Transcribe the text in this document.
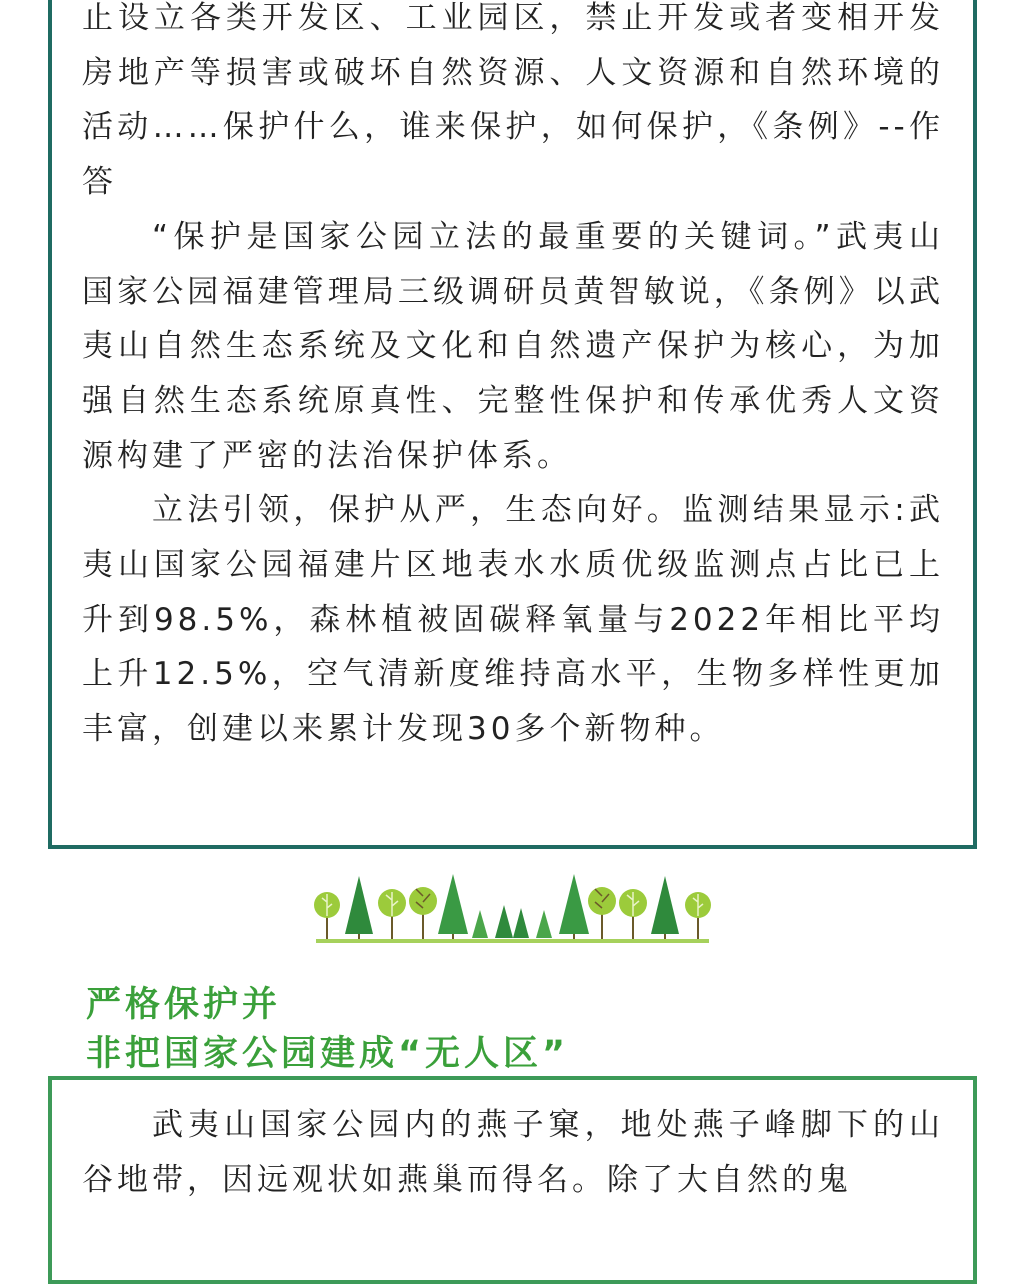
止设立各类开发区、工业园区，禁止开发或者变相开发房地产等损害或破坏自然资源、人文资源和自然环境的活动……保护什么，谁来保护，如何保护，《条例》--作答

“保护是国家公园立法的最重要的关键词。”武夷山国家公园福建管理局三级调研员黄智敏说，《条例》以武夷山自然生态系统及文化和自然遗产保护为核心，为加强自然生态系统原真性、完整性保护和传承优秀人文资源构建了严密的法治保护体系。

立法引领，保护从严，生态向好。监测结果显示:武夷山国家公园福建片区地表水水质优级监测点占比已上升到98.5%，森林植被固碳释氧量与2022年相比平均上升12.5%，空气清新度维持高水平，生物多样性更加丰富，创建以来累计发现30多个新物种。

严格保护并
非把国家公园建成“无人区”

武夷山国家公园内的燕子窠，地处燕子峰脚下的山谷地带，因远观状如燕巢而得名。除了大自然的鬼
